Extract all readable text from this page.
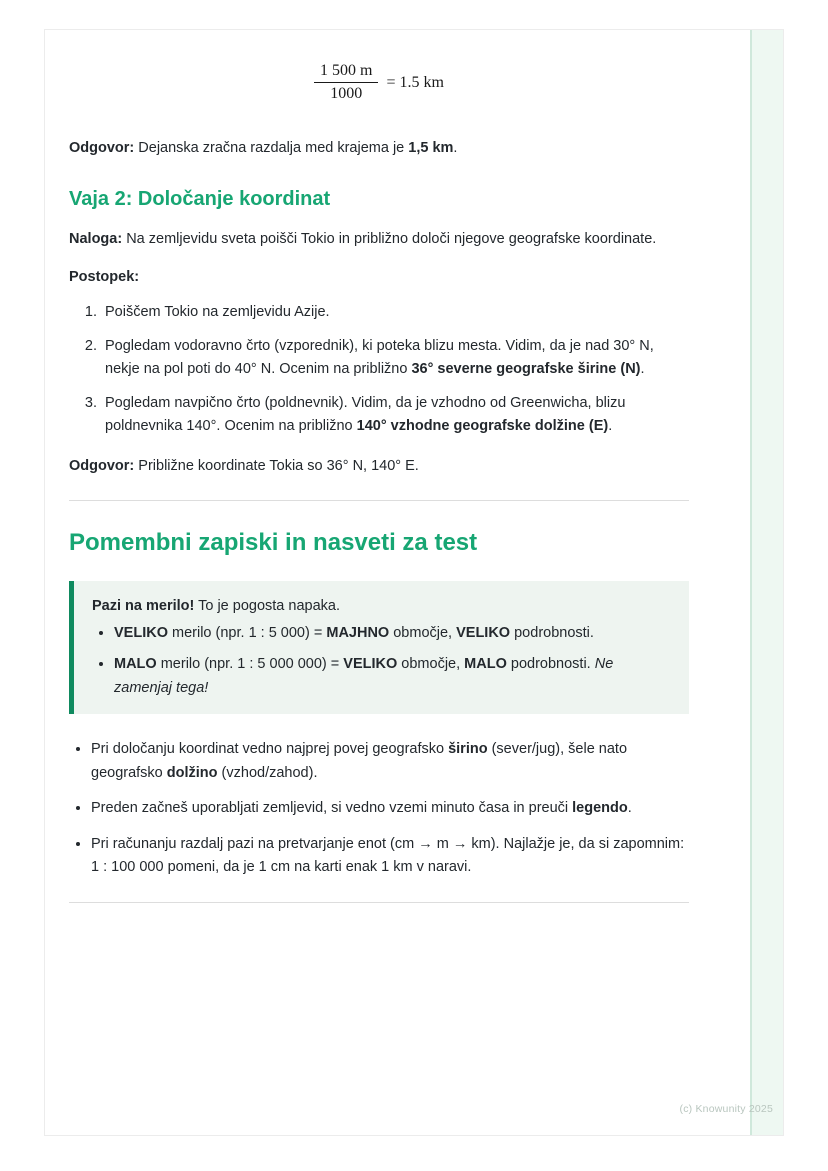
$\frac{1 500 m}{1000} = 1.5$ km

Odgovor: Dejanska zračna razdalja med krajema je 1,5 km.

Vaja 2: Določanje koordinat

Naloga: Na zemljevidu sveta poišči Tokio in približno določi njegove geografske koordinate.

Postopek:

1. Poiščem Tokio na zemljevidu Azije.
2. Pogledam vodoravno črto (vzporednik), ki poteka blizu mesta. Vidim, da je nad 30° N, nekje na pol poti do 40° N. Ocenim na približno 36° severne geografske širine (N).
3. Pogledam navpično črto (poldnevnik). Vidim, da je vzhodno od Greenwicha, blizu poldnevnika 140°. Ocenim na približno 140° vzhodne geografske dolžine (E).

Odgovor: Približne koordinate Tokia so 36° N, 140° E.

Pomembni zapiski in nasveti za test

Pazi na merilo! To je pogosta napaka.

• VELIKO merilo (npr. 1 : 5 000) = MAJHNO območje, VELIKO podrobnosti.
• MALO merilo (npr. 1 : 5 000 000) = VELIKO območje, MALO podrobnosti. Ne zamenjaj tega!
• Pri določanju koordinat vedno najprej povej geografsko širino (sever/jug), šele nato geografsko dolžino (vzhod/zahod).
• Preden začneš uporabljati zemljevid, si vedno vzemi minuto časa in preuči legendo.
• Pri računanju razdalj pazi na pretvarjanje enot (cm → m → km). Najlažje je, da si zapomnim: 1 : 100 000 pomeni, da je 1 cm na karti enak 1 km v naravi.
(c) Knowunity 2025
